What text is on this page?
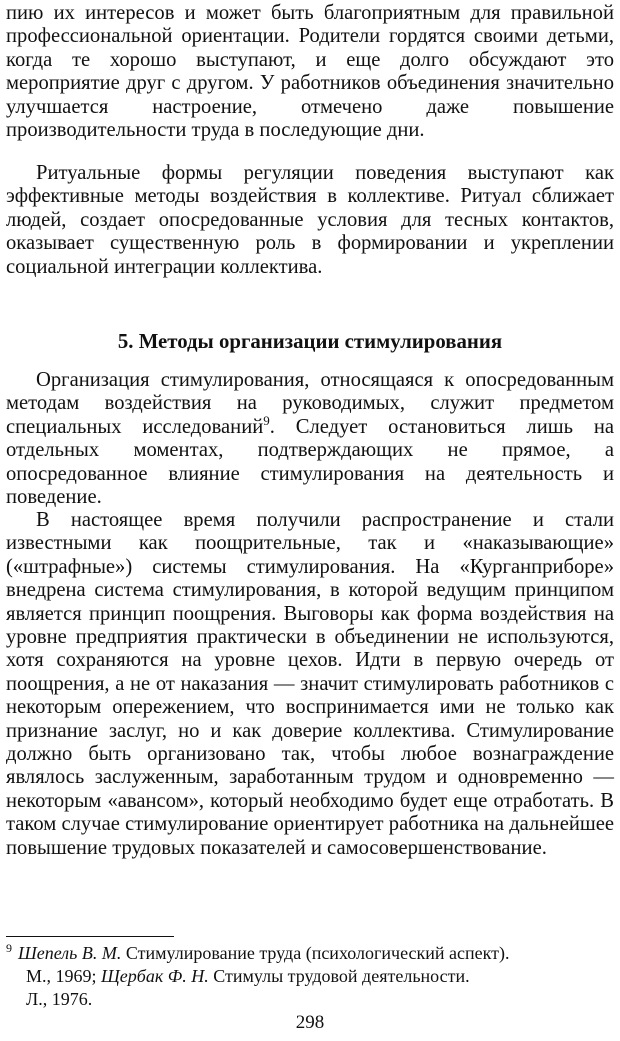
пию их интересов и может быть благоприятным для правильной профессиональной ориентации. Родители гордятся своими детьми, когда те хорошо выступают, и еще долго обсуждают это мероприятие друг с другом. У работников объединения значительно улучшается настроение, отмечено даже повышение производительности труда в последующие дни.

Ритуальные формы регуляции поведения выступают как эффективные методы воздействия в коллективе. Ритуал сближает людей, создает опосредованные условия для тесных контактов, оказывает существенную роль в формировании и укреплении социальной интеграции коллектива.

5. Методы организации стимулирования

Организация стимулирования, относящаяся к опосредованным методам воздействия на руководимых, служит предметом специальных исследований$^9$. Следует остановиться лишь на отдельных моментах, подтверждающих не прямое, а опосредованное влияние стимулирования на деятельность и поведение.

В настоящее время получили распространение и стали известными как поощрительные, так и «наказывающие» («штрафные») системы стимулирования. На «Курганприборе» внедрена система стимулирования, в которой ведущим принципом является принцип поощрения. Выговоры как форма воздействия на уровне предприятия практически в объединении не используются, хотя сохраняются на уровне цехов. Идти в первую очередь от поощрения, а не от наказания — значит стимулировать работников с некоторым опережением, что воспринимается ими не только как признание заслуг, но и как доверие коллектива. Стимулирование должно быть организовано так, чтобы любое вознаграждение являлось заслуженным, заработанным трудом и одновременно — некоторым «авансом», который необходимо будет еще отработать. В таком случае стимулирование ориентирует работника на дальнейшее повышение трудовых показателей и самосовершенствование.

$^9$ Шепель В. М. Стимулирование труда (психологический аспект).
М., 1969; Щербак Ф. Н. Стимулы трудовой деятельности.
Л., 1976.
298
